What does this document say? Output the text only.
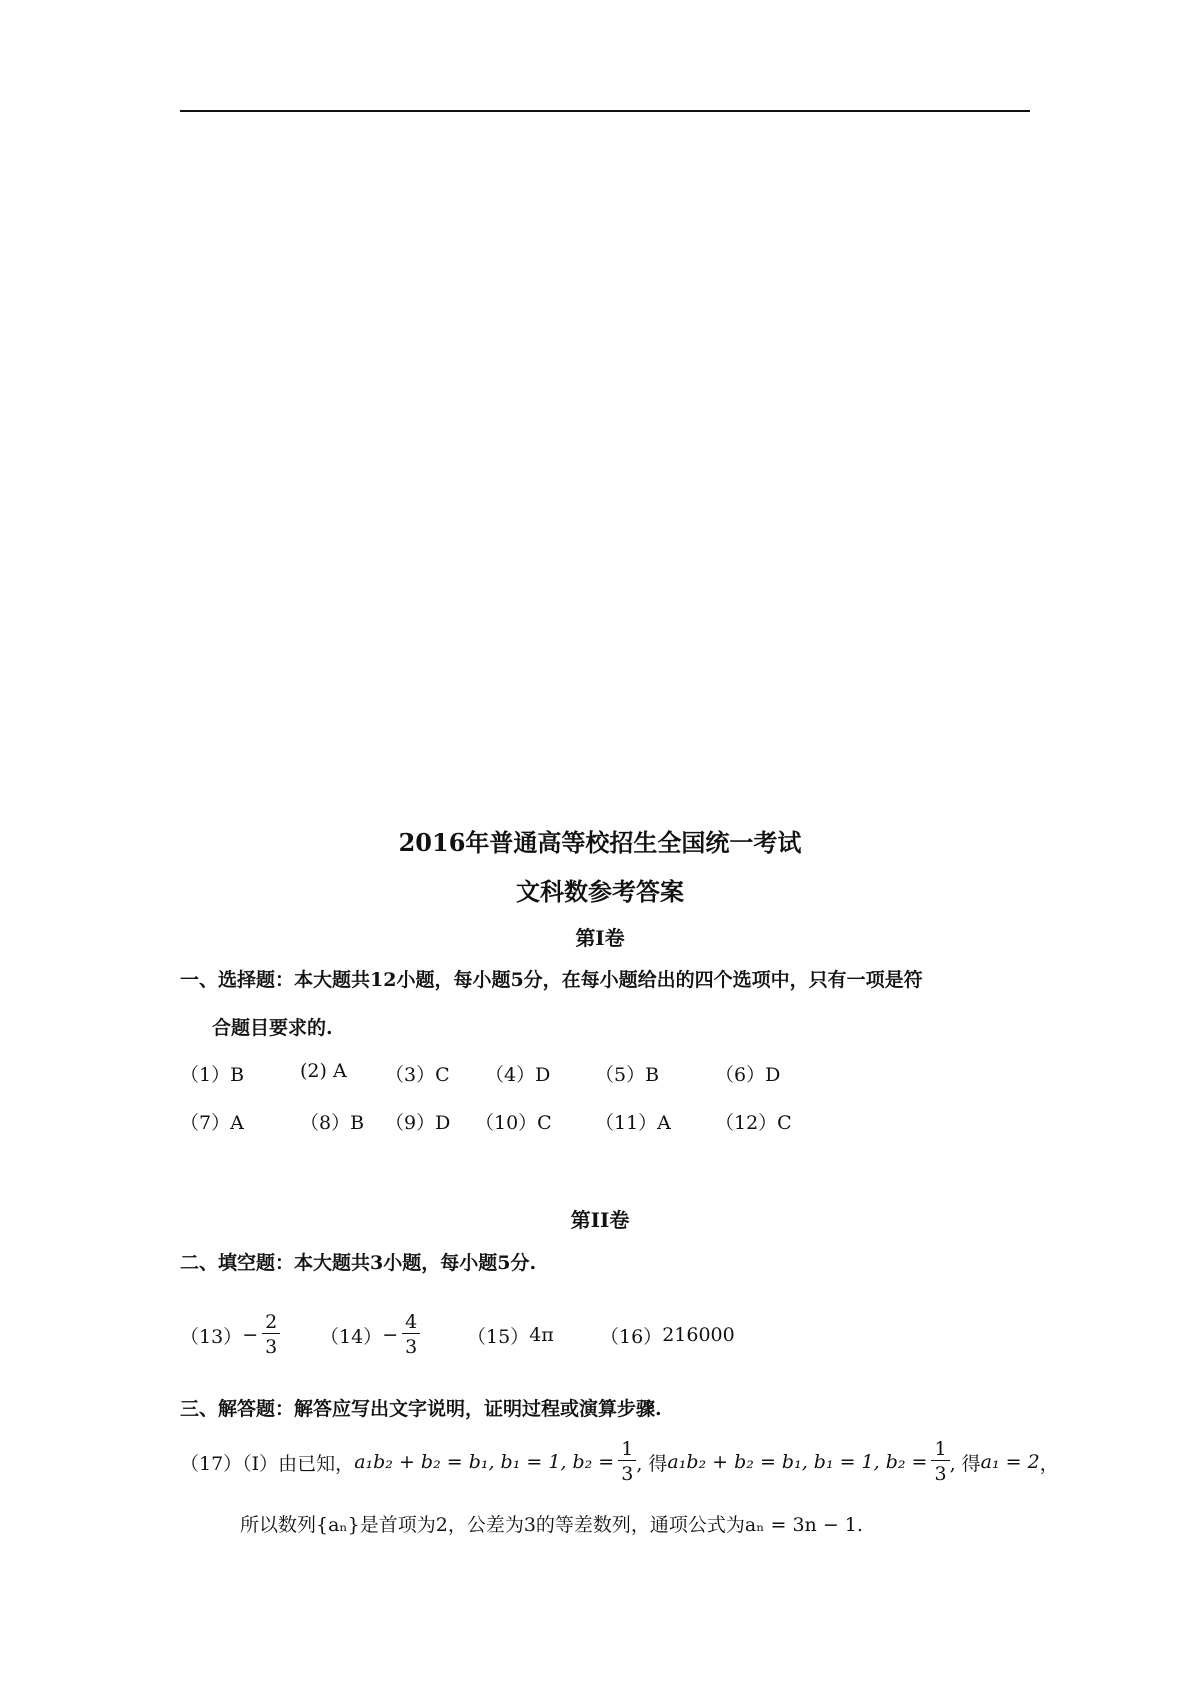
2016年普通高等校招生全国统一考试
文科数参考答案
第Ⅰ卷
一、选择题：本大题共12小题，每小题5分，在每小题给出的四个选项中，只有一项是符
合题目要求的.
（1）B	(2) A （3）C （4）D （5）B	（6）D
（7）A	（8）B （9）D （10）C （11）A （12）C
第II卷
二、填空题：本大题共3小题，每小题5分.
$(13) - \frac{2}{3} (14) - \frac{4}{3} (15)$ 4π （16） 216000
三、解答题：解答应写出文字说明，证明过程或演算步骤.
（17）（I）由已知， a₁b₂ + b₂ = b₁, b₁ = 1, $b_2 = \frac{1}{3}$ , 得 a₁b₂ + b₂ = b₁, b₁ = 1, $b_2 = \frac{1}{3}$ , 得 a₁ = 2 ，
所以数列{aₙ}是首项为2，公差为3的等差数列，通项公式为aₙ = 3n − 1.
